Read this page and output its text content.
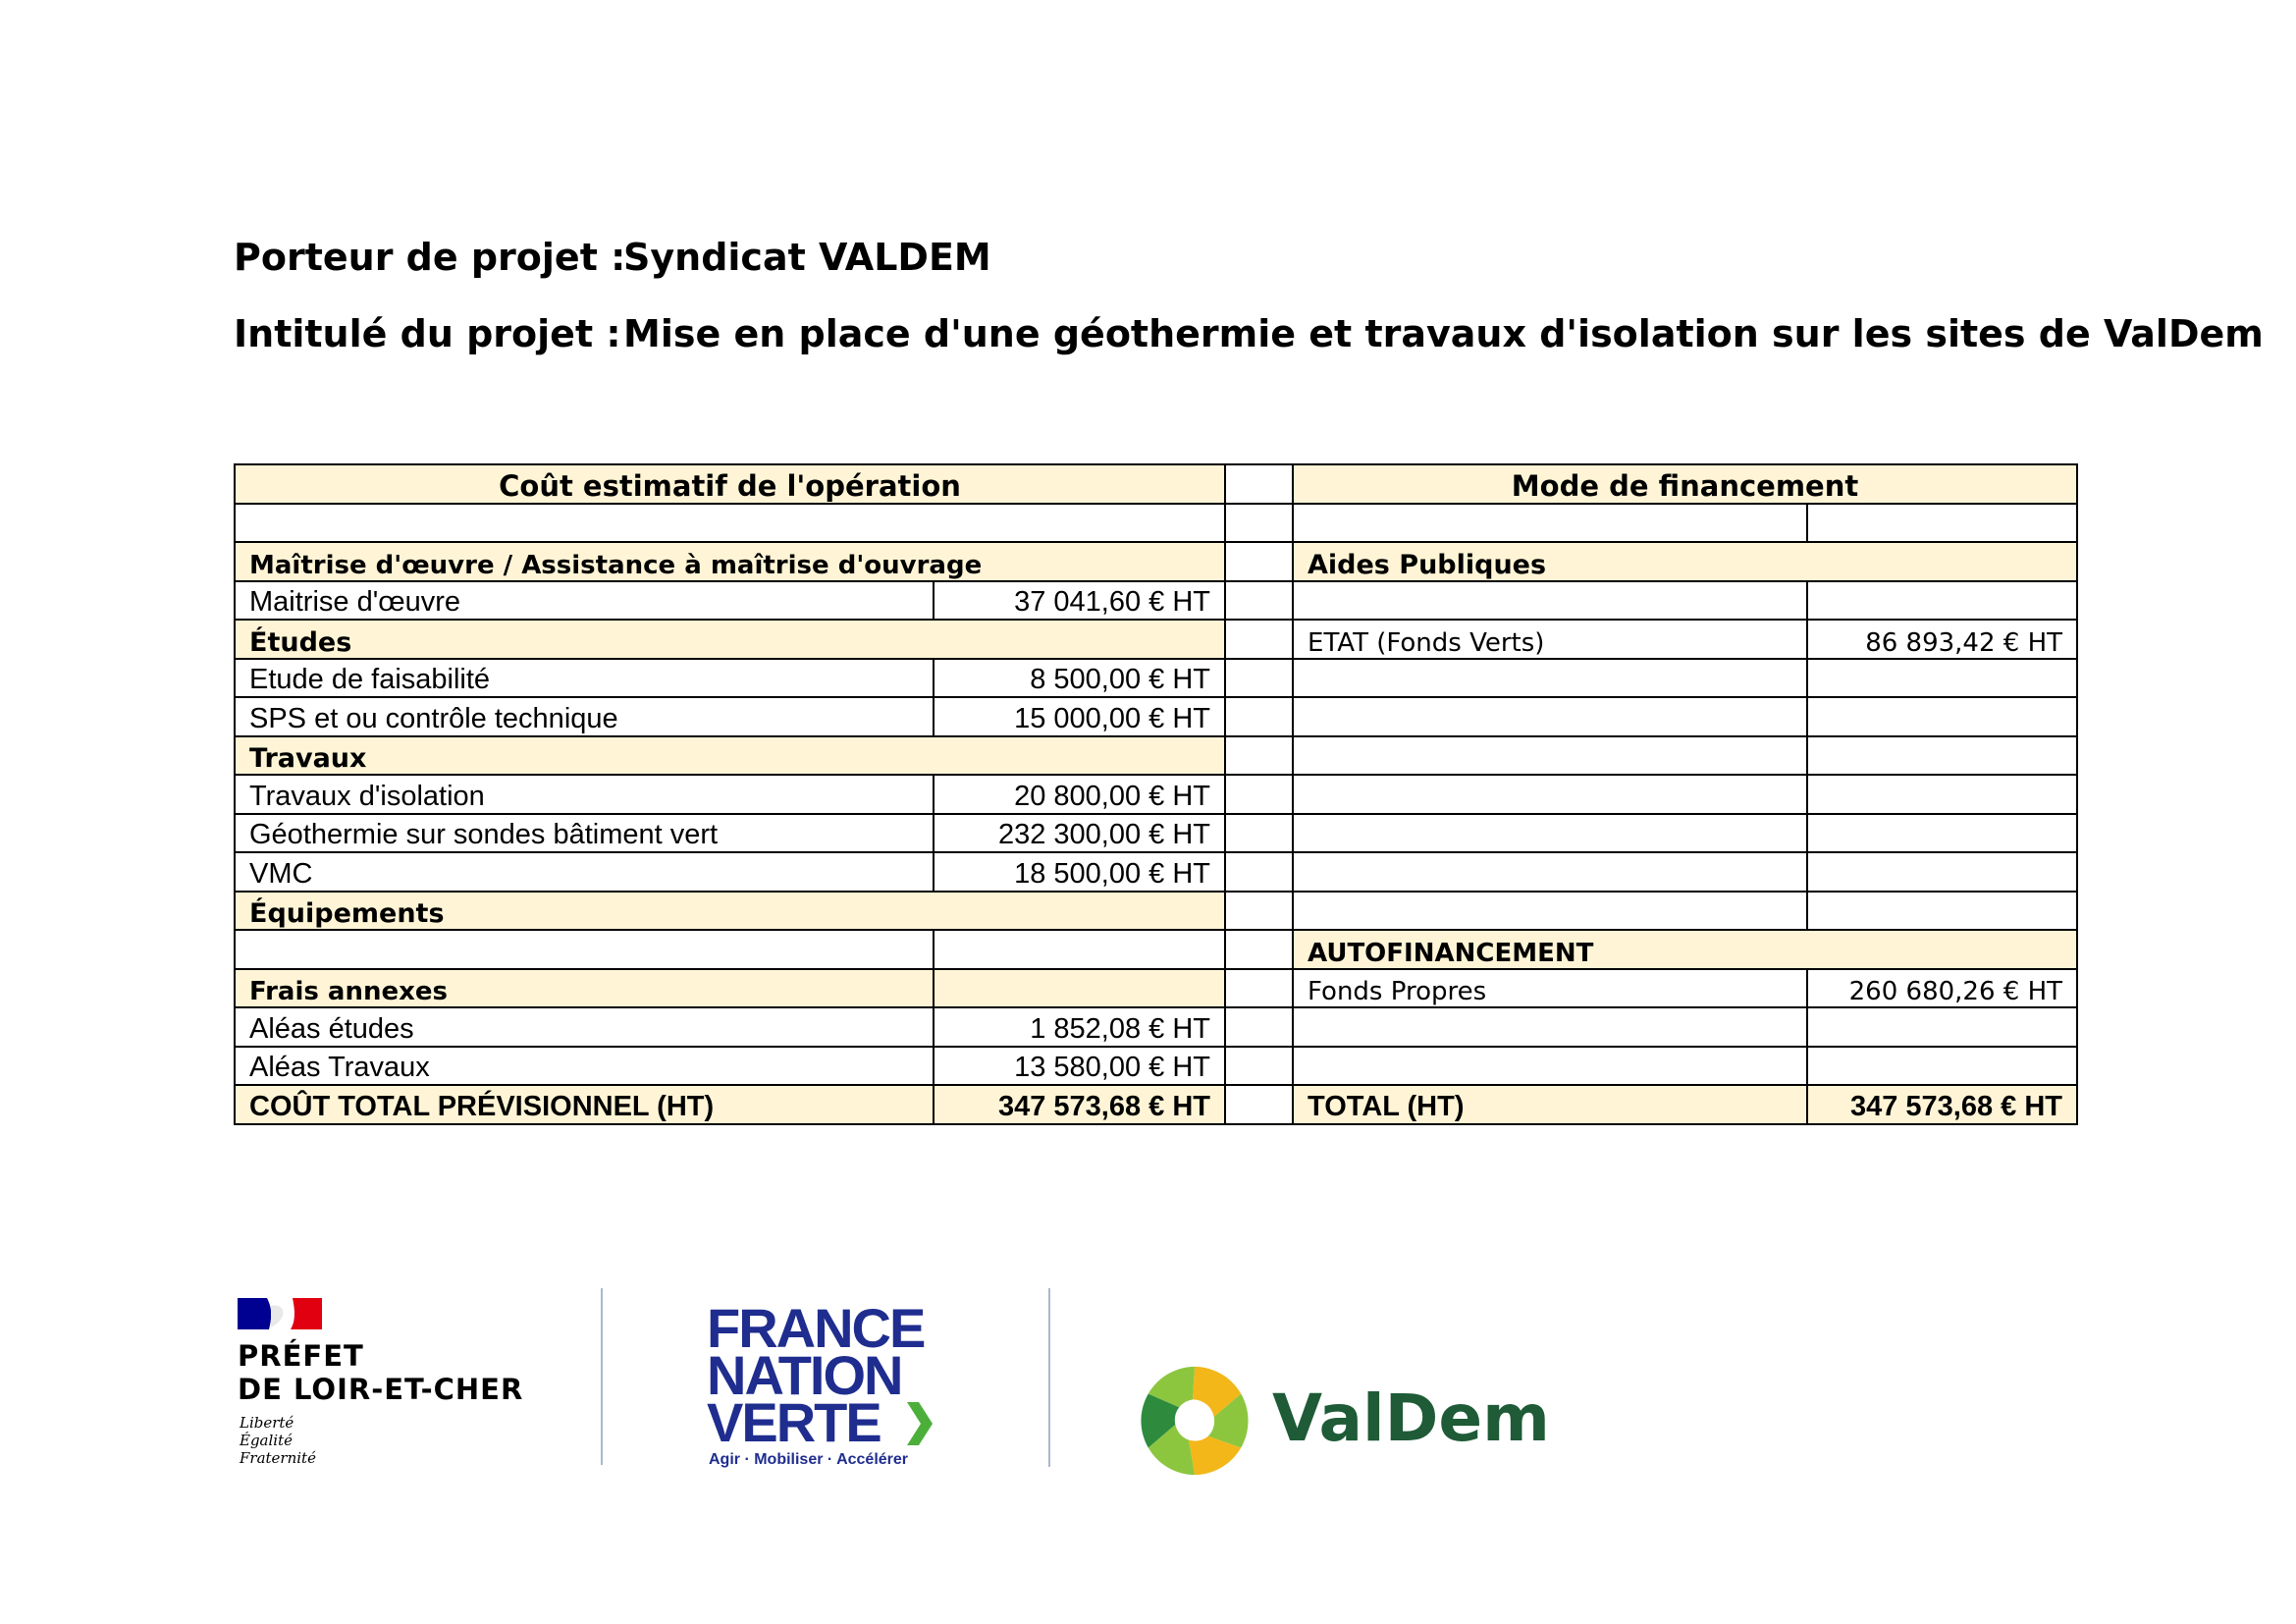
Porteur de projet :
Syndicat VALDEM
Intitulé du projet : Mise en place d'une géothermie et travaux d'isolation sur les sites de ValDem
Coût estimatif de l'opération			Mode de financement	

Maîtrise d'œuvre / Assistance à maîtrise d'ouvrage			Aides Publiques	
Maitrise d'œuvre	37 041,60 € HT			
Études			ETAT (Fonds Verts)	86 893,42 € HT
Etude de faisabilité	8 500,00 € HT			
SPS et ou contrôle technique	15 000,00 € HT			
Travaux				
Travaux d'isolation	20 800,00 € HT			
Géothermie sur sondes bâtiment vert	232 300,00 € HT			
VMC	18 500,00 € HT			
Équipements				
			AUTOFINANCEMENT	
Frais annexes			Fonds Propres	260 680,26 € HT
Aléas études	1 852,08 € HT			
Aléas Travaux	13 580,00 € HT			
COÛT TOTAL PRÉVISIONNEL (HT)	347 573,68 € HT		TOTAL (HT)	347 573,68 € HT
PRÉFET
DE LOIR-ET-CHER
Liberté
Égalité
Fraternité
FRANCE
NATION
VERTE
Agir · Mobiliser · Accélérer
ValDem
